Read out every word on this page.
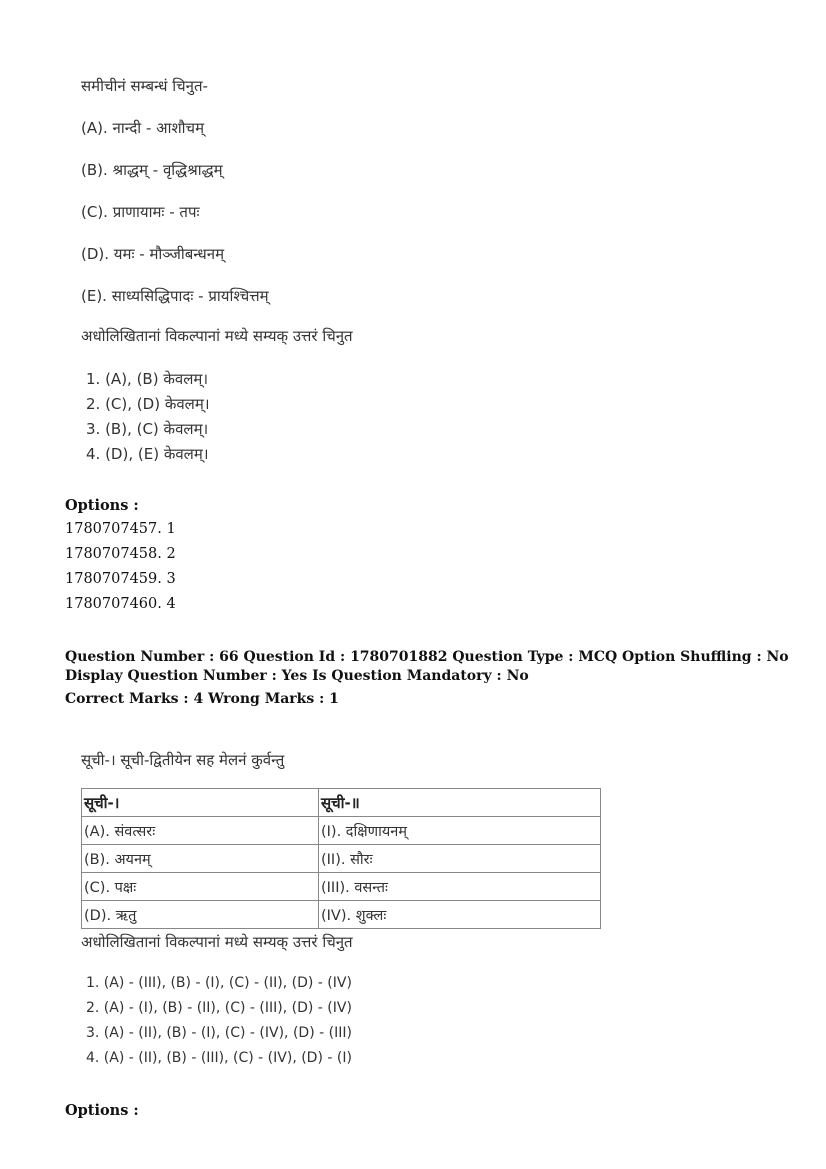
समीचीनं सम्बन्धं चिनुत-
(A). नान्दी - आशौचम्
(B). श्राद्धम् - वृद्धिश्राद्धम्
(C). प्राणायामः - तपः
(D). यमः - मौञ्जीबन्धनम्
(E). साध्यसिद्धिपादः - प्रायश्चित्तम्
अधोलिखितानां विकल्पानां मध्ये सम्यक् उत्तरं चिनुत
1. (A), (B) केवलम्।
2. (C), (D) केवलम्।
3. (B), (C) केवलम्।
4. (D), (E) केवलम्।
Options :
1780707457. 1
1780707458. 2
1780707459. 3
1780707460. 4
Question Number : 66 Question Id : 1780701882 Question Type : MCQ Option Shuffling : No
Display Question Number : Yes Is Question Mandatory : No
Correct Marks : 4 Wrong Marks : 1
सूची-। सूची-द्वितीयेन सह मेलनं कुर्वन्तु
सूची-।	सूची-॥
(A). संवत्सरः	(I). दक्षिणायनम्
(B). अयनम्	(II). सौरः
(C). पक्षः	(III). वसन्तः
(D). ऋतु	(IV). शुक्लः
अधोलिखितानां विकल्पानां मध्ये सम्यक् उत्तरं चिनुत
1. (A) - (III), (B) - (I), (C) - (II), (D) - (IV)
2. (A) - (I), (B) - (II), (C) - (III), (D) - (IV)
3. (A) - (II), (B) - (I), (C) - (IV), (D) - (III)
4. (A) - (II), (B) - (III), (C) - (IV), (D) - (I)
Options :
